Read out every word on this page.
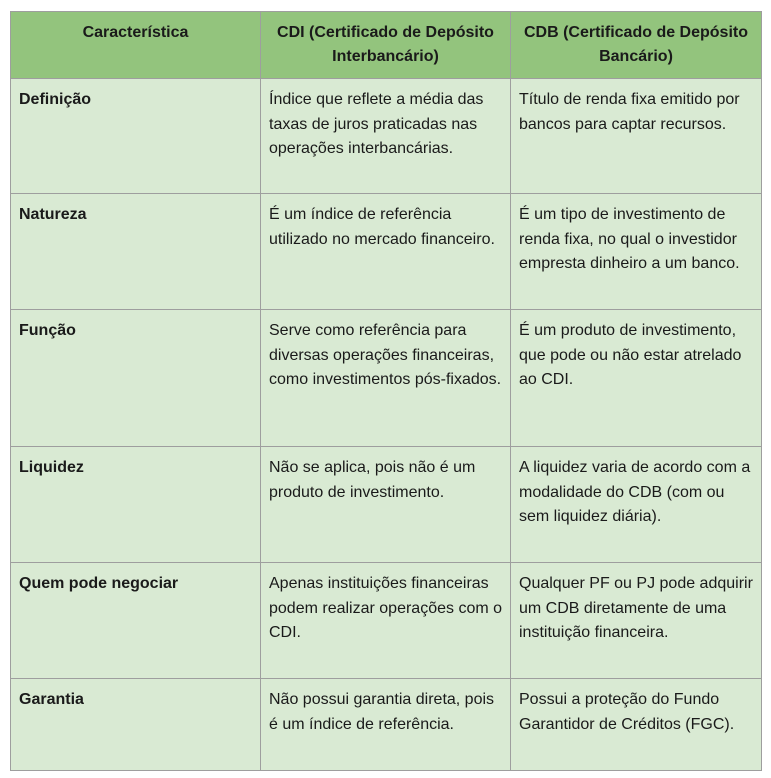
Característica	CDI (Certificado de Depósito Interbancário)	CDB (Certificado de Depósito Bancário)
Definição	Índice que reflete a média das taxas de juros praticadas nas operações interbancárias.	Título de renda fixa emitido por bancos para captar recursos.
Natureza	É um índice de referência utilizado no mercado financeiro.	É um tipo de investimento de renda fixa, no qual o investidor empresta dinheiro a um banco.
Função	Serve como referência para diversas operações financeiras, como investimentos pós-fixados.	É um produto de investimento, que pode ou não estar atrelado ao CDI.
Liquidez	Não se aplica, pois não é um produto de investimento.	A liquidez varia de acordo com a modalidade do CDB (com ou sem liquidez diária).
Quem pode negociar	Apenas instituições financeiras podem realizar operações com o CDI.	Qualquer PF ou PJ pode adquirir um CDB diretamente de uma instituição financeira.
Garantia	Não possui garantia direta, pois é um índice de referência.	Possui a proteção do Fundo Garantidor de Créditos (FGC).
